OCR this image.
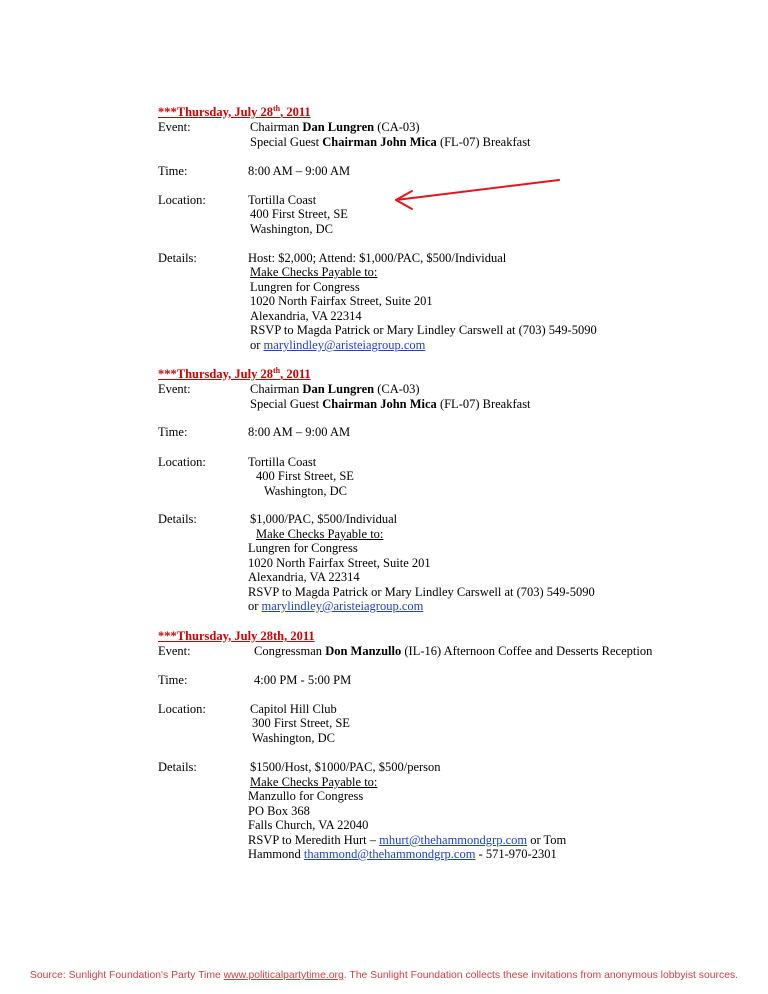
***Thursday, July 28th, 2011
Event:	Chairman Dan Lungren (CA-03)
Special Guest Chairman John Mica (FL-07) Breakfast
Time:	8:00 AM – 9:00 AM
Location:	Tortilla Coast
400 First Street, SE
Washington, DC
Details:	Host: $2,000; Attend: $1,000/PAC, $500/Individual
Make Checks Payable to:
Lungren for Congress
1020 North Fairfax Street, Suite 201
Alexandria, VA 22314
RSVP to Magda Patrick or Mary Lindley Carswell at (703) 549-5090
or marylindley@aristeiagroup.com
***Thursday, July 28th, 2011
Event:	Chairman Dan Lungren (CA-03)
Special Guest Chairman John Mica (FL-07) Breakfast
Time:	8:00 AM – 9:00 AM
Location:	Tortilla Coast
400 First Street, SE
Washington, DC
Details:	$1,000/PAC, $500/Individual
Make Checks Payable to:
Lungren for Congress
1020 North Fairfax Street, Suite 201
Alexandria, VA 22314
RSVP to Magda Patrick or Mary Lindley Carswell at (703) 549-5090
or marylindley@aristeiagroup.com
***Thursday, July 28th, 2011
Event:	Congressman Don Manzullo (IL-16) Afternoon Coffee and Desserts Reception
Time:	4:00 PM - 5:00 PM
Location:	Capitol Hill Club
300 First Street, SE
Washington, DC
Details:	$1500/Host, $1000/PAC, $500/person
Make Checks Payable to:
Manzullo for Congress
PO Box 368
Falls Church, VA 22040
RSVP to Meredith Hurt – mhurt@thehammondgrp.com or Tom
Hammond thammond@thehammondgrp.com - 571-970-2301
Source: Sunlight Foundation's Party Time www.politicalpartytime.org. The Sunlight Foundation collects these invitations from anonymous lobbyist sources.
